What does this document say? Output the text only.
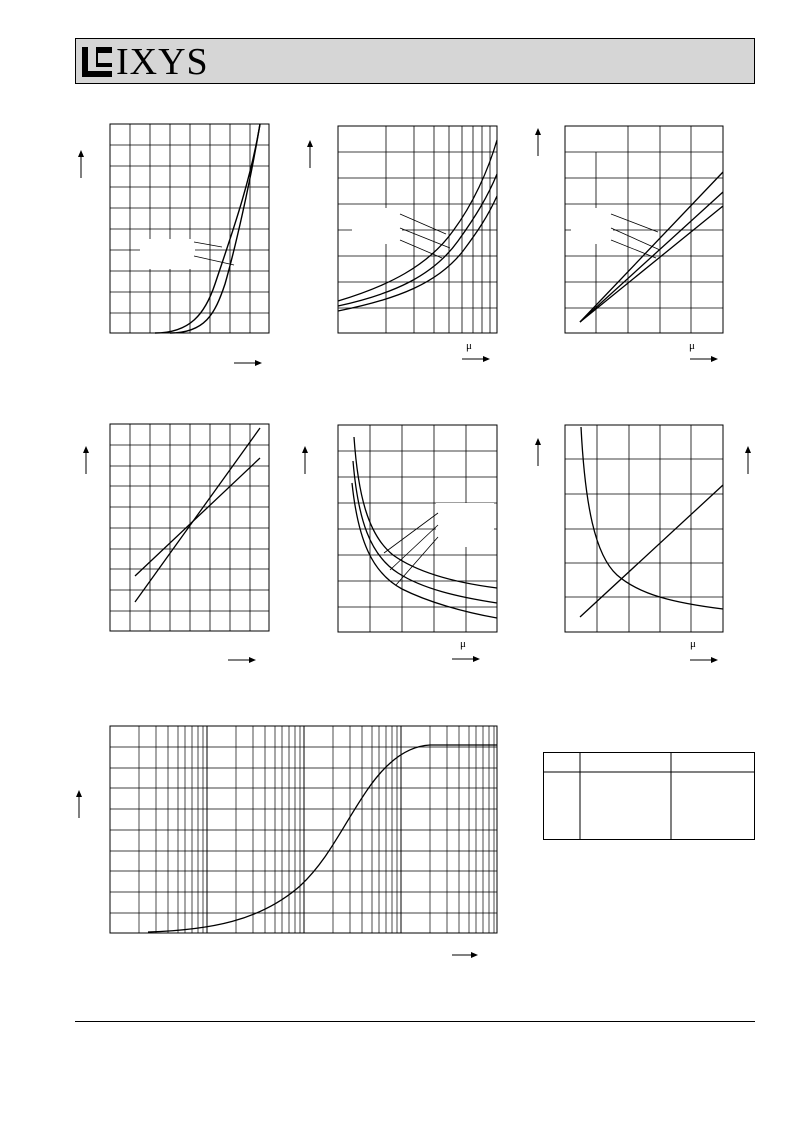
IXYS
μ	μ
μ	μ
